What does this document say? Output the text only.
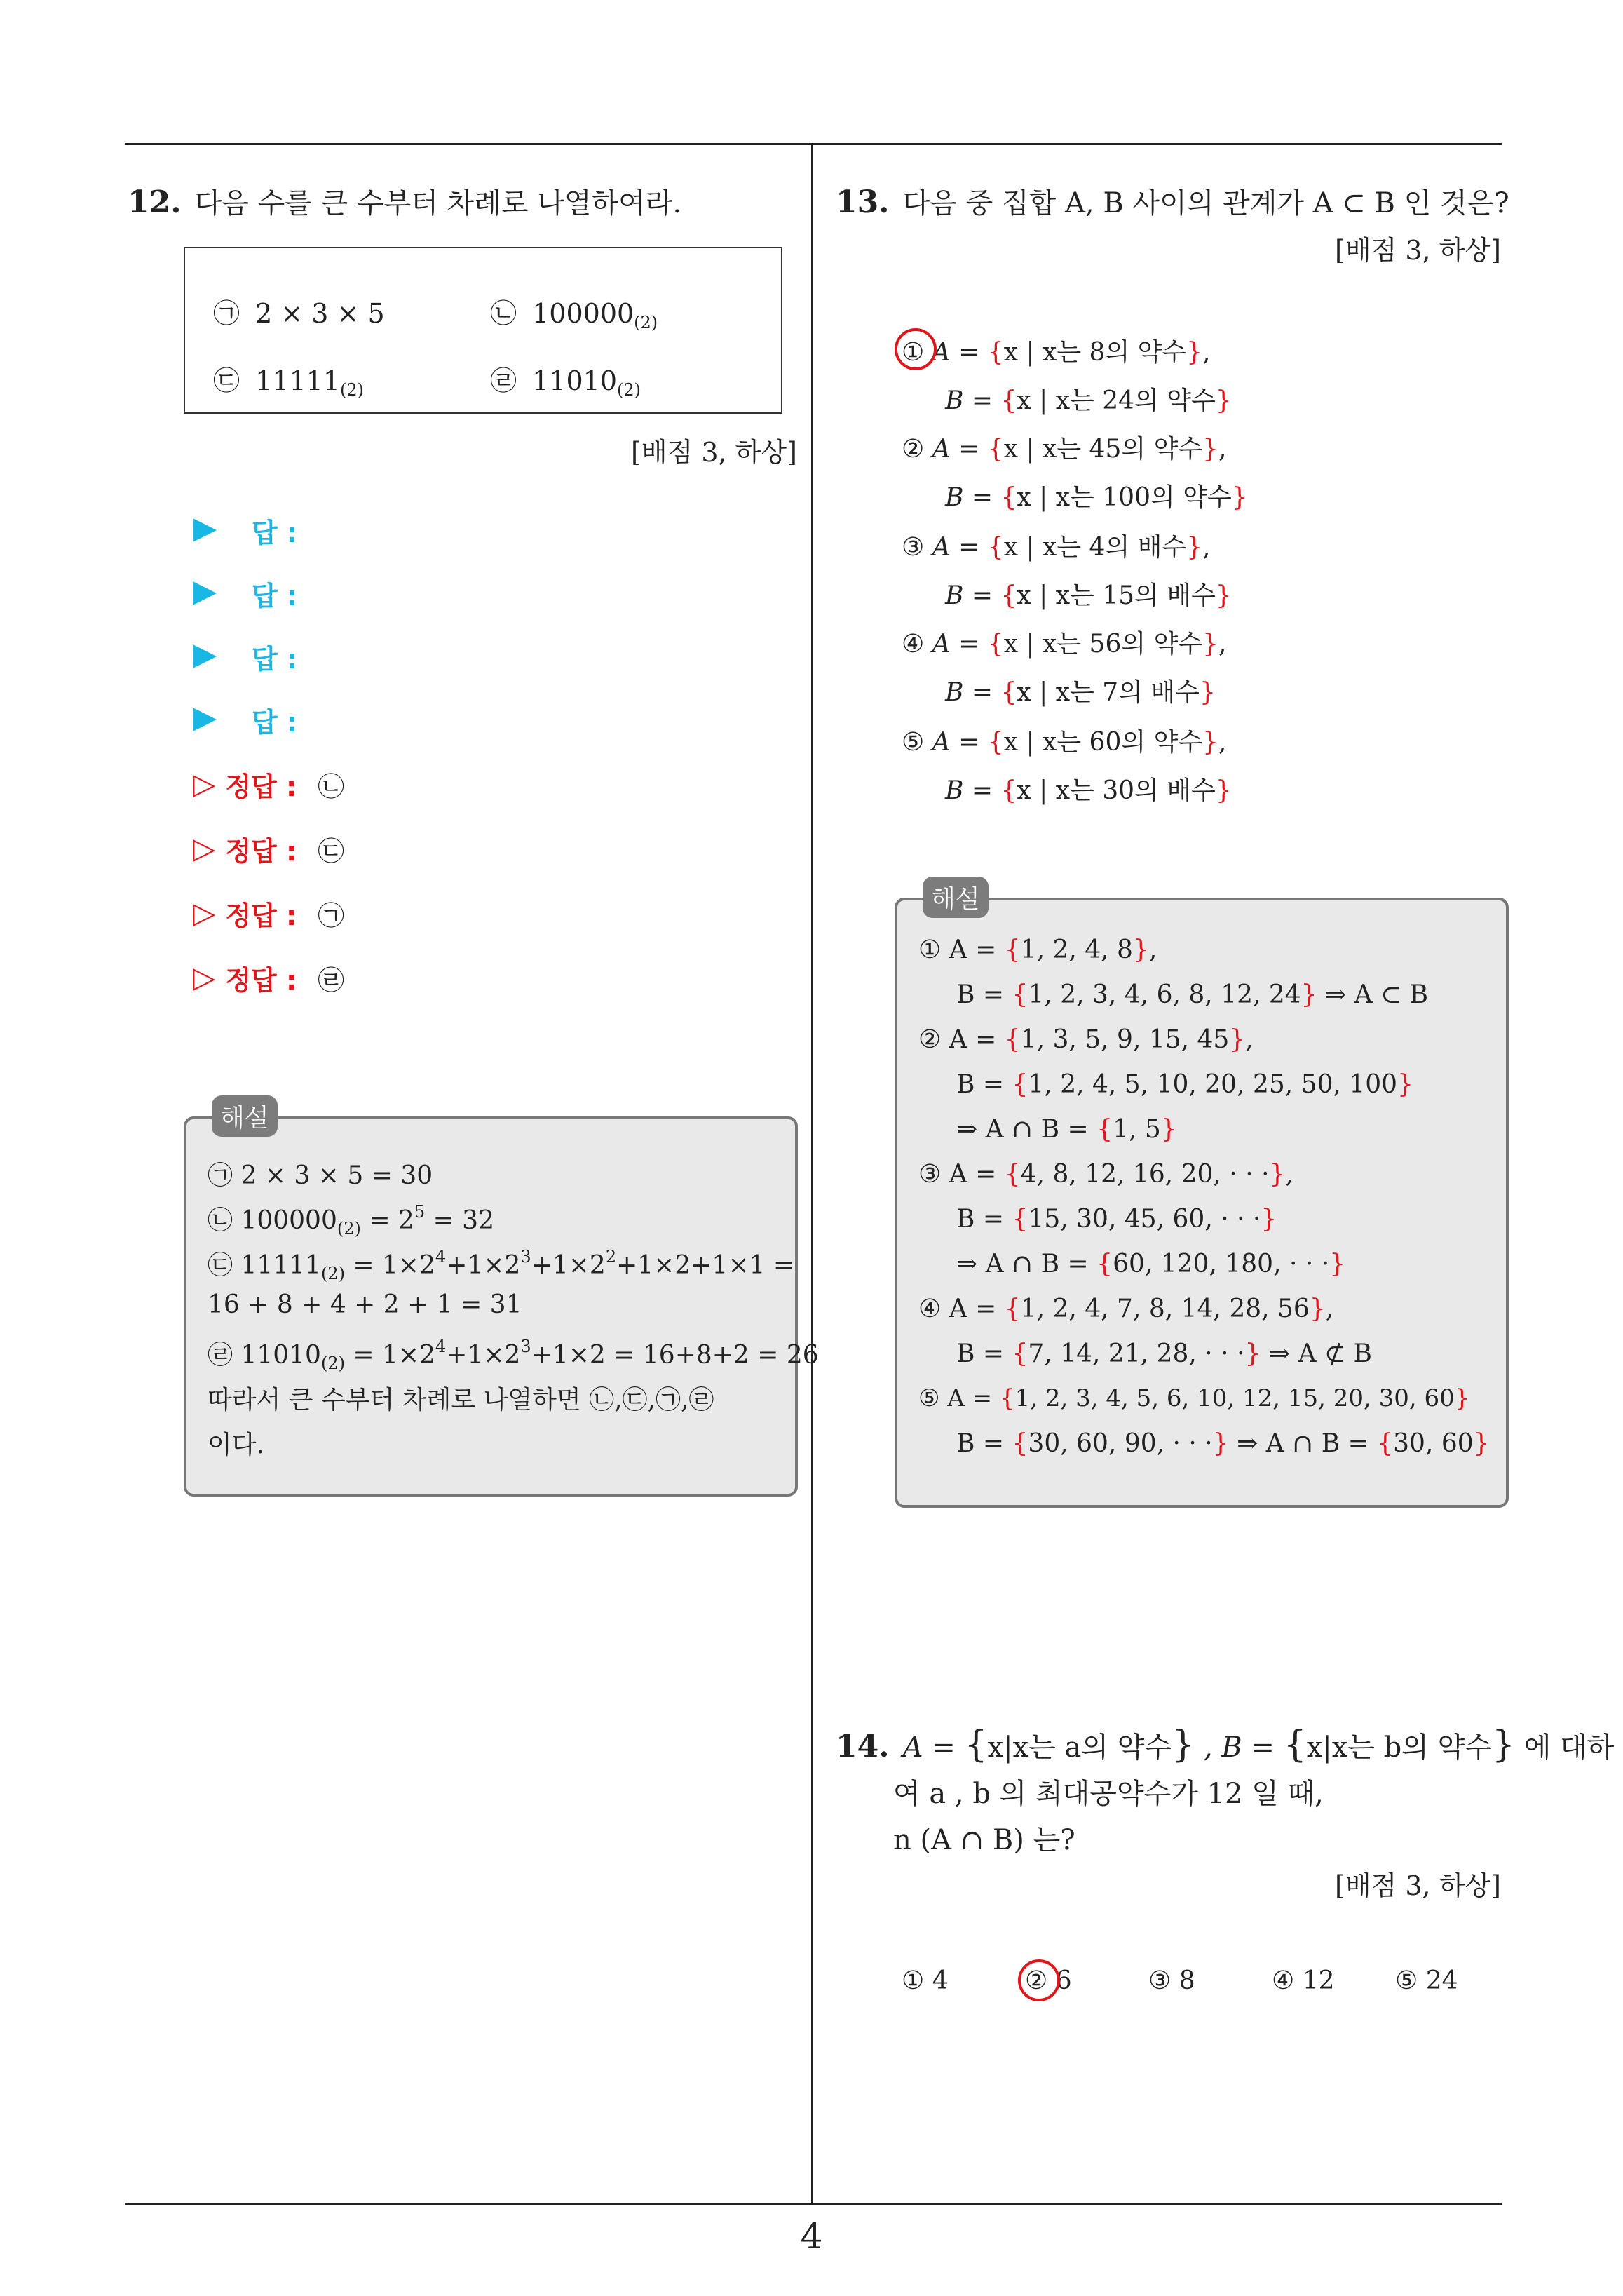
12. 다음 수를 큰 수부터 차례로 나열하여라.
㉠ 2 × 3 × 5	㉡ $100000_{(2)}$
㉢ $11111_{(2)}$	㉣ $11010_{(2)}$
[배점 3, 하상]
답 :
답 :
답 :
답 :
▷ 정답 : ㉡
▷ 정답 : ㉢
▷ 정답 : ㉠
▷ 정답 : ㉣
㉠ 2 × 3 × 5 = 30
㉡ $100000_{(2)} = 2^5 = 32$
㉢ $11111_{(2)} = 1\times 2^4+1\times 2^3+1\times 2^2+1\times 2+1\times 1$ =
16 + 8 + 4 + 2 + 1 = 31
㉣ $11010_{(2)} = 1\times 2^4+1\times 2^3+1\times 2 = 16+8+2 = 26$
따라서 큰 수부터 차례로 나열하면 ㉡,㉢,㉠,㉣
이다.
해설
13. 다음 중 집합 A, B 사이의 관계가 A ⊂ B 인 것은?
[배점 3, 하상]
① A = {x | x는 8의 약수},
B = {x | x는 24의 약수}
② A = {x | x는 45의 약수},
B = {x | x는 100의 약수}
③ A = {x | x는 4의 배수},
B = {x | x는 15의 배수}
④ A = {x | x는 56의 약수},
B = {x | x는 7의 배수}
⑤ A = {x | x는 60의 약수},
B = {x | x는 30의 배수}
① A = {1, 2, 4, 8},
B = {1, 2, 3, 4, 6, 8, 12, 24} ⇒ A ⊂ B
② A = {1, 3, 5, 9, 15, 45},
B = {1, 2, 4, 5, 10, 20, 25, 50, 100}
⇒ A ∩ B = {1, 5}
③ A = {4, 8, 12, 16, 20, · · ·},
B = {15, 30, 45, 60, · · ·}
⇒ A ∩ B = {60, 120, 180, · · ·}
④ A = {1, 2, 4, 7, 8, 14, 28, 56},
B = {7, 14, 21, 28, · · ·} ⇒ A ⊄ B
⑤ A = {1, 2, 3, 4, 5, 6, 10, 12, 15, 20, 30, 60}
B = {30, 60, 90, · · ·} ⇒ A ∩ B = {30, 60}
해설
14. A = {x|x는 a의 약수} , B = {x|x는 b의 약수} 에 대하
여 a , b 의 최대공약수가 12 일 때,
n (A ∩ B) 는?
[배점 3, 하상]
① 4	② 6	③ 8	④ 12 ⑤ 24
4
